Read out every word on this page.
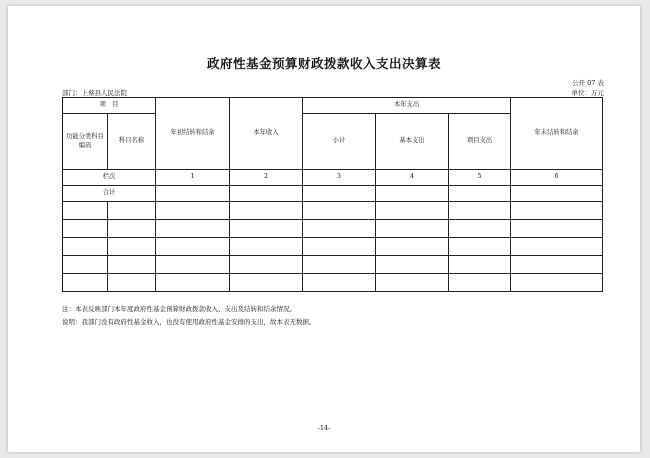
政府性基金预算财政拨款收入支出决算表
公开 07 表
部门：上蔡县人民法院	单位：万元
项　目		年初结转和结余	本年收入	本年支出			年末结转和结余
功能分类科目编码	科目名称			小计	基本支出	项目支出	

栏次		1	2	3	4	5	6
合计							

注：本表反映部门本年度政府性基金预算财政拨款收入、支出及结转和结余情况。
说明：我部门没有政府性基金收入，也没有使用政府性基金安排的支出，故本表无数据。
-14-
